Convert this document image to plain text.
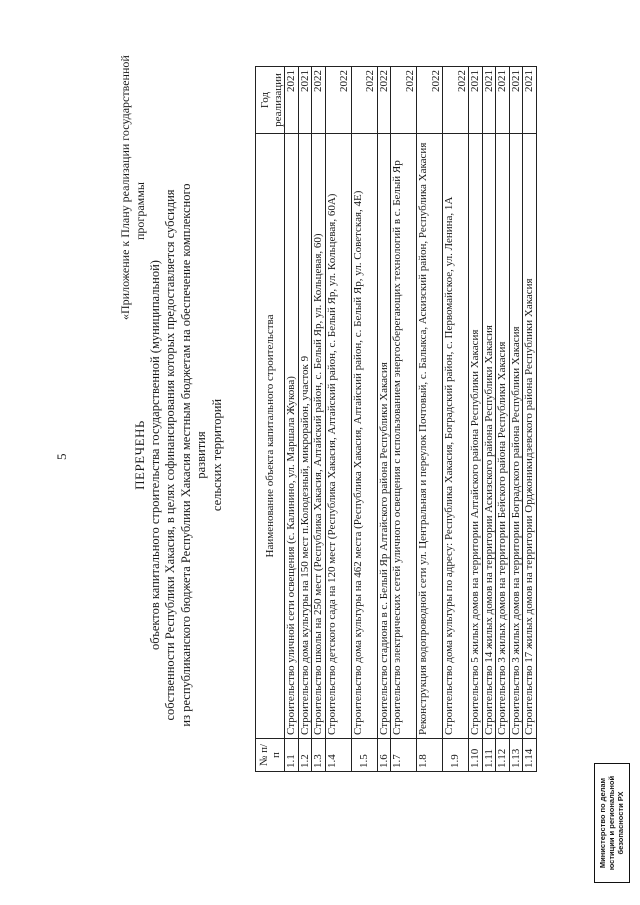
5
«Приложение к Плану реализации государственной программы
ПЕРЕЧЕНЬ объектов капитального строительства государственной (муниципальной) собственности Республики Хакасия, в целях софинансирования которых предоставляется субсидия из республиканского бюджета Республики Хакасия местным бюджетам на обеспечение комплексного развития сельских территорий
№ п/п	Наименование объекта капитального строительства	Год реализации
1.1	Строительство уличной сети освещения (с. Калинино, ул. Маршала Жукова)	2021
1.2	Строительство дома культуры на 150 мест п.Колодезный, микрорайон, участок 9	2021
1.3	Строительство школы на 250 мест (Республика Хакасия, Алтайский район, с. Белый Яр, ул. Кольцевая, 60)	2022
1.4	Строительство детского сада на 120 мест (Республика Хакасия, Алтайский район, с. Белый Яр, ул. Кольцевая, 60А)	2022
1.5	Строительство дома культуры на 462 места (Республика Хакасия, Алтайский район, с. Белый Яр, ул. Советская, 4Е)	2022
1.6	Строительство стадиона в с. Белый Яр Алтайского района Республики Хакасия	2022
1.7	Строительство электрических сетей уличного освещения с использованием энергосберегающих технологий в с. Белый Яр	2022
1.8	Реконструкция водопроводной сети ул. Центральная и переулок Почтовый, с. Балыкса, Аскизский район, Республика Хакасия	2022
1.9	Строительство дома культуры по адресу: Республика Хакасия, Боградский район, с. Первомайское, ул. Ленина, 1А	2022
1.10	Строительство 5 жилых домов на территории Алтайского района Республики Хакасия	2021
1.11	Строительство 14 жилых домов на территории Аскизского района Республики Хакасия	2021
1.12	Строительство 3 жилых домов на территории Бейского района Республики Хакасия	2021
1.13	Строительство 3 жилых домов на территории Боградского района Республики Хакасия	2021
1.14	Строительство 17 жилых домов на территории Орджоникидзевского района Республики Хакасия	2021
Министерство по делам юстиции и региональной безопасности РХ
